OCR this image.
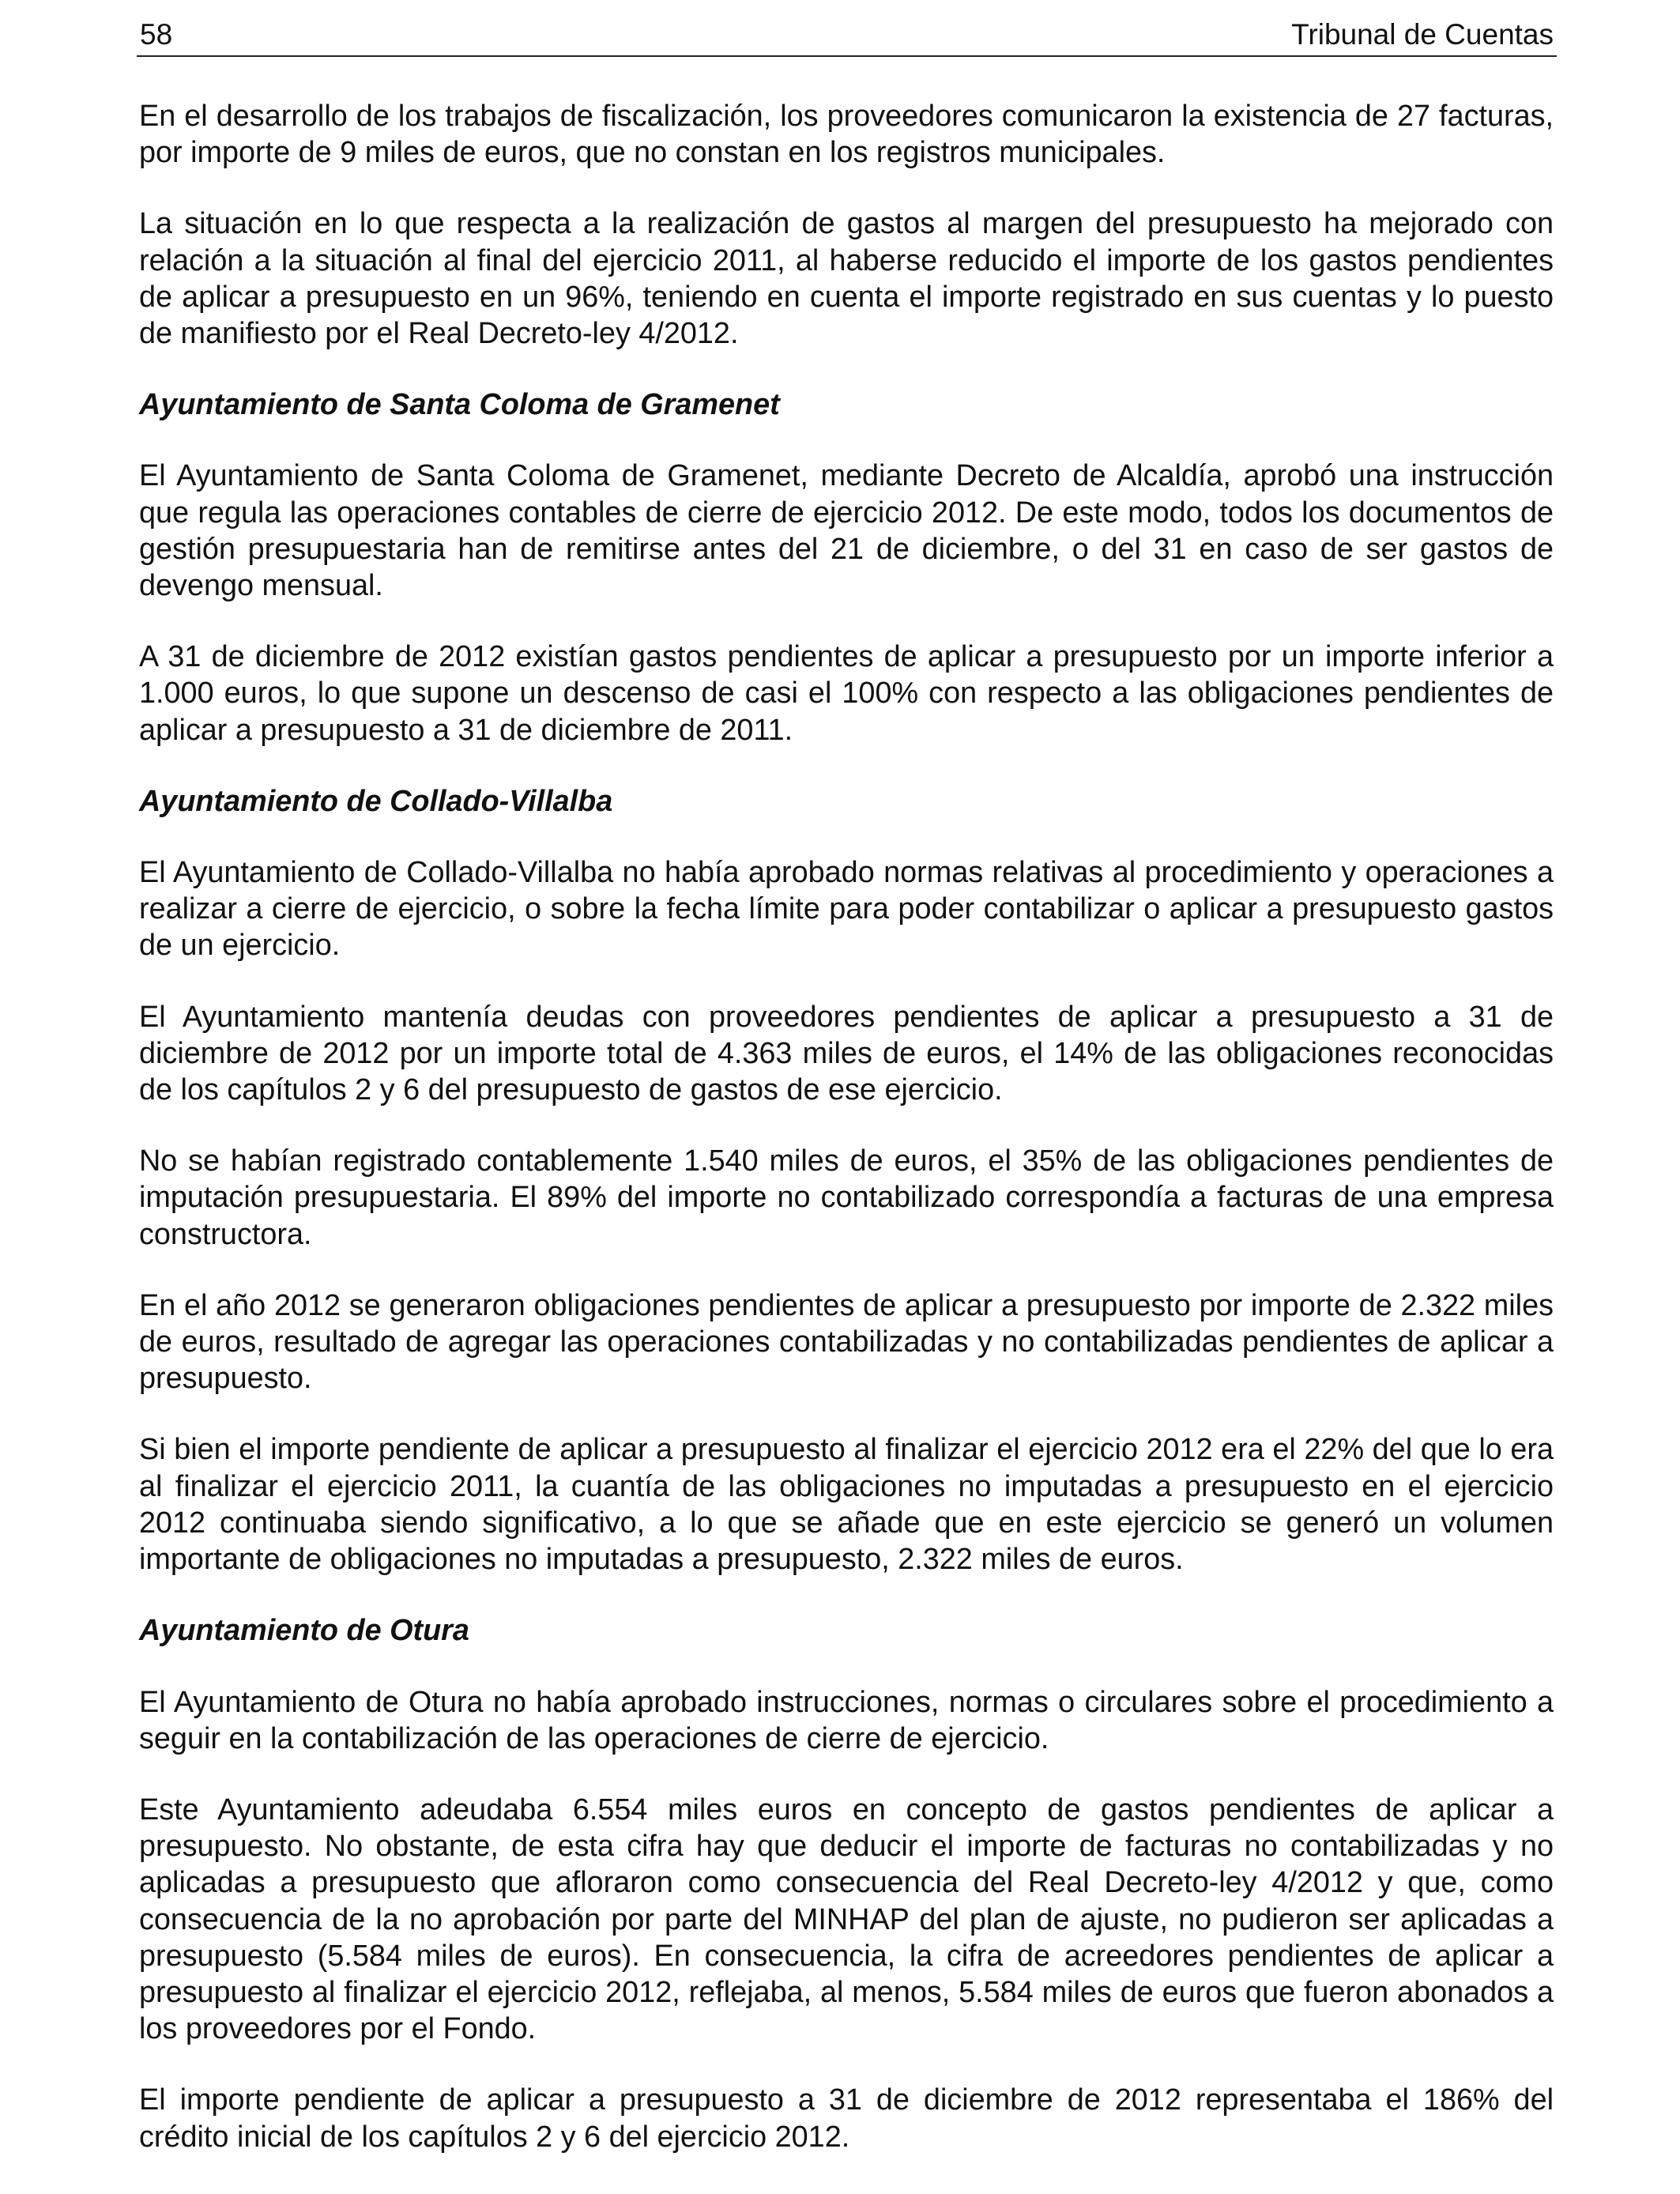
58	Tribunal de Cuentas

En el desarrollo de los trabajos de fiscalización, los proveedores comunicaron la existencia de 27 facturas, por importe de 9 miles de euros, que no constan en los registros municipales.

La situación en lo que respecta a la realización de gastos al margen del presupuesto ha mejorado con relación a la situación al final del ejercicio 2011, al haberse reducido el importe de los gastos pendientes de aplicar a presupuesto en un 96%, teniendo en cuenta el importe registrado en sus cuentas y lo puesto de manifiesto por el Real Decreto-ley 4/2012.

Ayuntamiento de Santa Coloma de Gramenet

El Ayuntamiento de Santa Coloma de Gramenet, mediante Decreto de Alcaldía, aprobó una instrucción que regula las operaciones contables de cierre de ejercicio 2012. De este modo, todos los documentos de gestión presupuestaria han de remitirse antes del 21 de diciembre, o del 31 en caso de ser gastos de devengo mensual.

A 31 de diciembre de 2012 existían gastos pendientes de aplicar a presupuesto por un importe inferior a 1.000 euros, lo que supone un descenso de casi el 100% con respecto a las obligaciones pendientes de aplicar a presupuesto a 31 de diciembre de 2011.

Ayuntamiento de Collado-Villalba

El Ayuntamiento de Collado-Villalba no había aprobado normas relativas al procedimiento y operaciones a realizar a cierre de ejercicio, o sobre la fecha límite para poder contabilizar o aplicar a presupuesto gastos de un ejercicio.

El Ayuntamiento mantenía deudas con proveedores pendientes de aplicar a presupuesto a 31 de diciembre de 2012 por un importe total de 4.363 miles de euros, el 14% de las obligaciones reconocidas de los capítulos 2 y 6 del presupuesto de gastos de ese ejercicio.

No se habían registrado contablemente 1.540 miles de euros, el 35% de las obligaciones pendientes de imputación presupuestaria. El 89% del importe no contabilizado correspondía a facturas de una empresa constructora.

En el año 2012 se generaron obligaciones pendientes de aplicar a presupuesto por importe de 2.322 miles de euros, resultado de agregar las operaciones contabilizadas y no contabilizadas pendientes de aplicar a presupuesto.

Si bien el importe pendiente de aplicar a presupuesto al finalizar el ejercicio 2012 era el 22% del que lo era al finalizar el ejercicio 2011, la cuantía de las obligaciones no imputadas a presupuesto en el ejercicio 2012 continuaba siendo significativo, a lo que se añade que en este ejercicio se generó un volumen importante de obligaciones no imputadas a presupuesto, 2.322 miles de euros.

Ayuntamiento de Otura

El Ayuntamiento de Otura no había aprobado instrucciones, normas o circulares sobre el procedimiento a seguir en la contabilización de las operaciones de cierre de ejercicio.

Este Ayuntamiento adeudaba 6.554 miles euros en concepto de gastos pendientes de aplicar a presupuesto. No obstante, de esta cifra hay que deducir el importe de facturas no contabilizadas y no aplicadas a presupuesto que afloraron como consecuencia del Real Decreto-ley 4/2012 y que, como consecuencia de la no aprobación por parte del MINHAP del plan de ajuste, no pudieron ser aplicadas a presupuesto (5.584 miles de euros). En consecuencia, la cifra de acreedores pendientes de aplicar a presupuesto al finalizar el ejercicio 2012, reflejaba, al menos, 5.584 miles de euros que fueron abonados a los proveedores por el Fondo.

El importe pendiente de aplicar a presupuesto a 31 de diciembre de 2012 representaba el 186% del crédito inicial de los capítulos 2 y 6 del ejercicio 2012.
